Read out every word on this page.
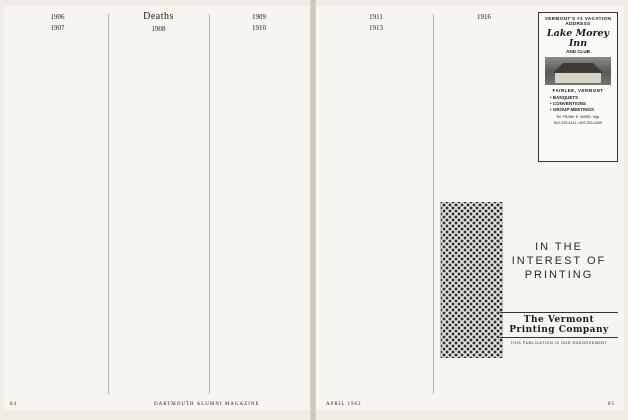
1906

1907

Deaths

1908

1909

1910

84	DARTMOUTH ALUMNI MAGAZINE
1911

1913

1916	VERMONT'S #1 VACATION ADDRESS
Lake Morey Inn
AND CLUB
FAIRLEE, VERMONT
• BANQUETS
• CONVENTIONS
• GROUP MEETINGS
Tel. FRANK E. WARD, Mgr.
802-333-4311 • 802-333-4309
IN THE
INTEREST OF PRINTING
The Vermont Printing Company
THIS PUBLICATION IS OUR ENDORSEMENT
APRIL 1962	85
